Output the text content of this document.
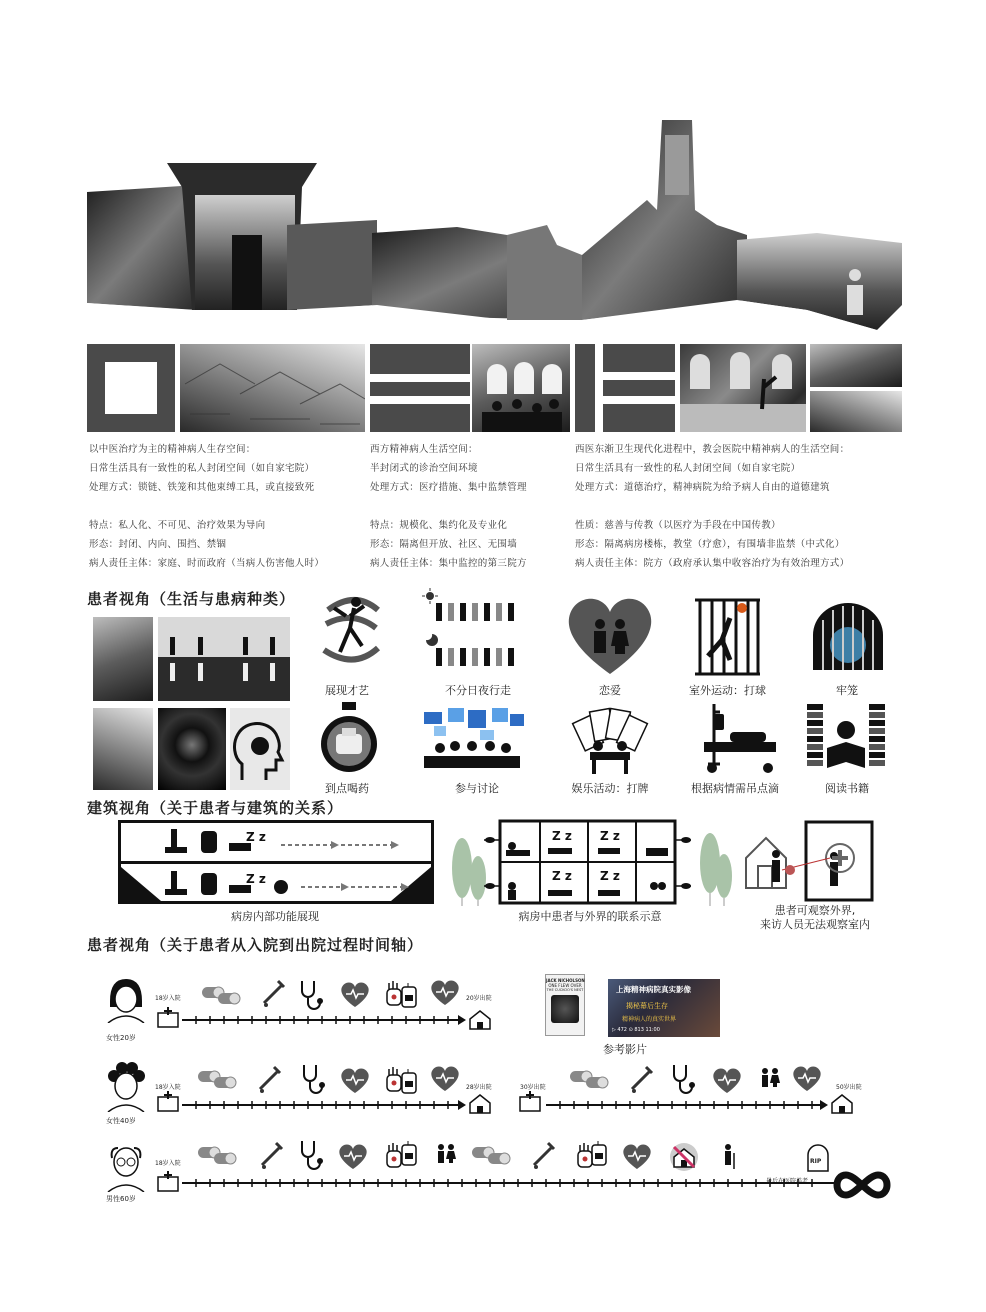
以中医治疗为主的精神病人生存空间：
日常生活具有一致性的私人封闭空间（如自家宅院）
处理方式：锁链、铁笼和其他束缚工具，或直接致死

特点：私人化、不可见、治疗效果为导向
形态：封闭、内向、围挡、禁锢
病人责任主体：家庭、时而政府（当病人伤害他人时）
西方精神病人生活空间：
半封闭式的诊治空间环境
处理方式：医疗措施、集中监禁管理

特点：规模化、集约化及专业化
形态：隔离但开放、社区、无围墙
病人责任主体：集中监控的第三院方
西医东渐卫生现代化进程中，教会医院中精神病人的生活空间：
日常生活具有一致性的私人封闭空间（如自家宅院）
处理方式：道德治疗，精神病院为给予病人自由的道德建筑

性质：慈善与传教（以医疗为手段在中国传教）
形态：隔离病房楼栋，教堂（疗愈），有围墙非监禁（中式化）
病人责任主体：院方（政府承认集中收容治疗为有效治理方式）
患者视角（生活与患病种类）
展现才艺	不分日夜行走	恋爱	室外运动：打球	牢笼
到点喝药	参与讨论	娱乐活动：打牌	根据病情需吊点滴	阅读书籍
建筑视角（关于患者与建筑的关系）
Z z
Z z
病房内部功能展现
Z z Z z
Z z Z z
病房中患者与外界的联系示意	患者可观察外界,
来访人员无法观察室内
患者视角（关于患者从入院到出院过程时间轴）
JACK NICHOLSON
ONE FLEW OVER
THE CUCKOO'S NEST	上海精神病院真实影像
揭秘幕后生存
精神病人的真实世界
▷ 472 ⊙ 813 11:00
参考影片
女性20岁
18岁入院	20岁出院
女性40岁
18岁入院	28岁出院	30岁出院	50岁出院
男性60岁
18岁入院
最后在医院养老
RIP
